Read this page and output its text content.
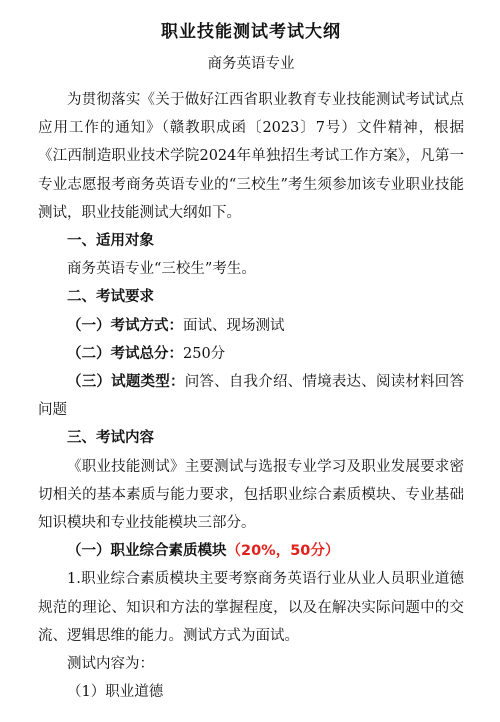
职业技能测试考试大纲
商务英语专业

为贯彻落实《关于做好江西省职业教育专业技能测试考试试点应用工作的通知》（赣教职成函〔2023〕7号）文件精神，根据《江西制造职业技术学院2024年单独招生考试工作方案》，凡第一专业志愿报考商务英语专业的“三校生”考生须参加该专业职业技能测试，职业技能测试大纲如下。

一、适用对象

商务英语专业“三校生”考生。

二、考试要求
（一）考试方式：面试、现场测试
（二）考试总分：250分

（三）试题类型：问答、自我介绍、情境表达、阅读材料回答问题

三、考试内容

《职业技能测试》主要测试与选报专业学习及职业发展要求密切相关的基本素质与能力要求，包括职业综合素质模块、专业基础知识模块和专业技能模块三部分。

（一）职业综合素质模块（20%，50分）

1.职业综合素质模块主要考察商务英语行业从业人员职业道德规范的理论、知识和方法的掌握程度，以及在解决实际问题中的交流、逻辑思维的能力。测试方式为面试。

测试内容为：

（1）职业道德
